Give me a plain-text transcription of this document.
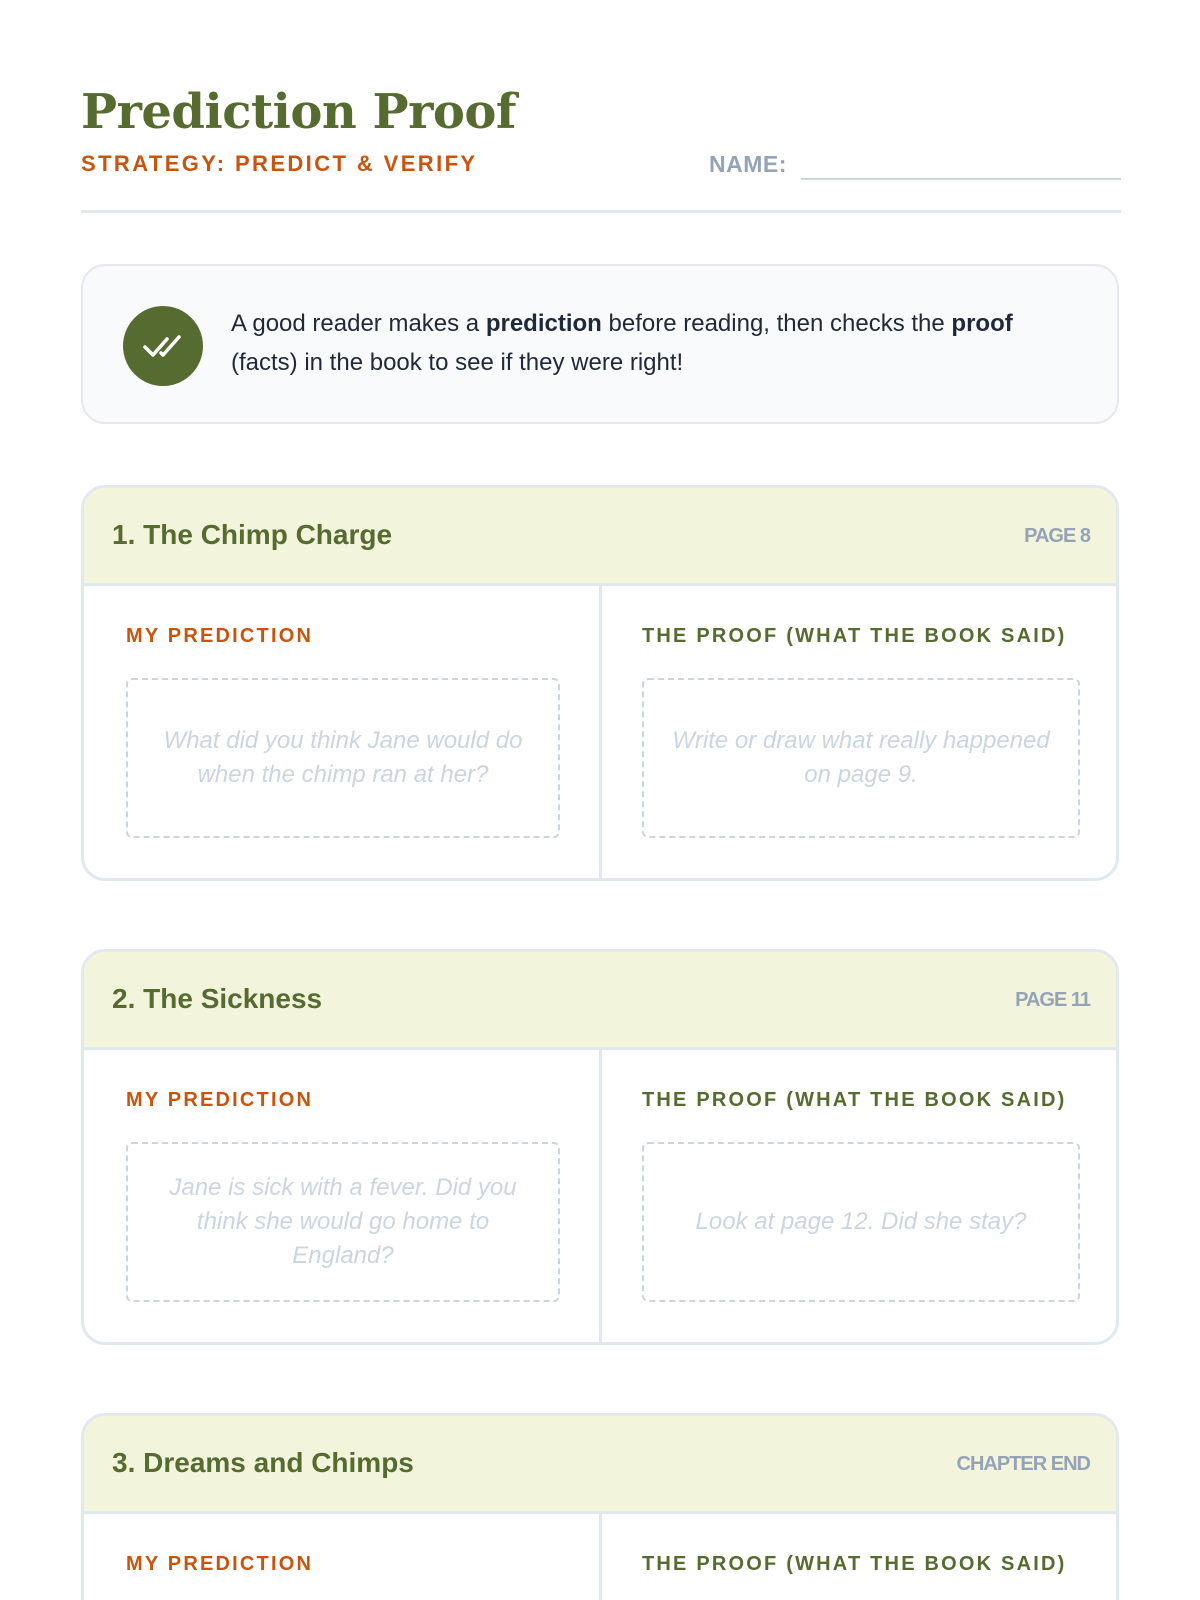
Prediction Proof
STRATEGY: PREDICT & VERIFY	NAME:
A good reader makes a prediction before reading, then checks the proof (facts) in the book to see if they were right!
1. The Chimp Charge	PAGE 8
MY PREDICTION	THE PROOF (WHAT THE BOOK SAID)
What did you think Jane would do when the chimp ran at her?
Write or draw what really happened on page 9.
2. The Sickness	PAGE 11
MY PREDICTION	THE PROOF (WHAT THE BOOK SAID)
Jane is sick with a fever. Did you think she would go home to England?
Look at page 12. Did she stay?
3. Dreams and Chimps	CHAPTER END
MY PREDICTION	THE PROOF (WHAT THE BOOK SAID)
